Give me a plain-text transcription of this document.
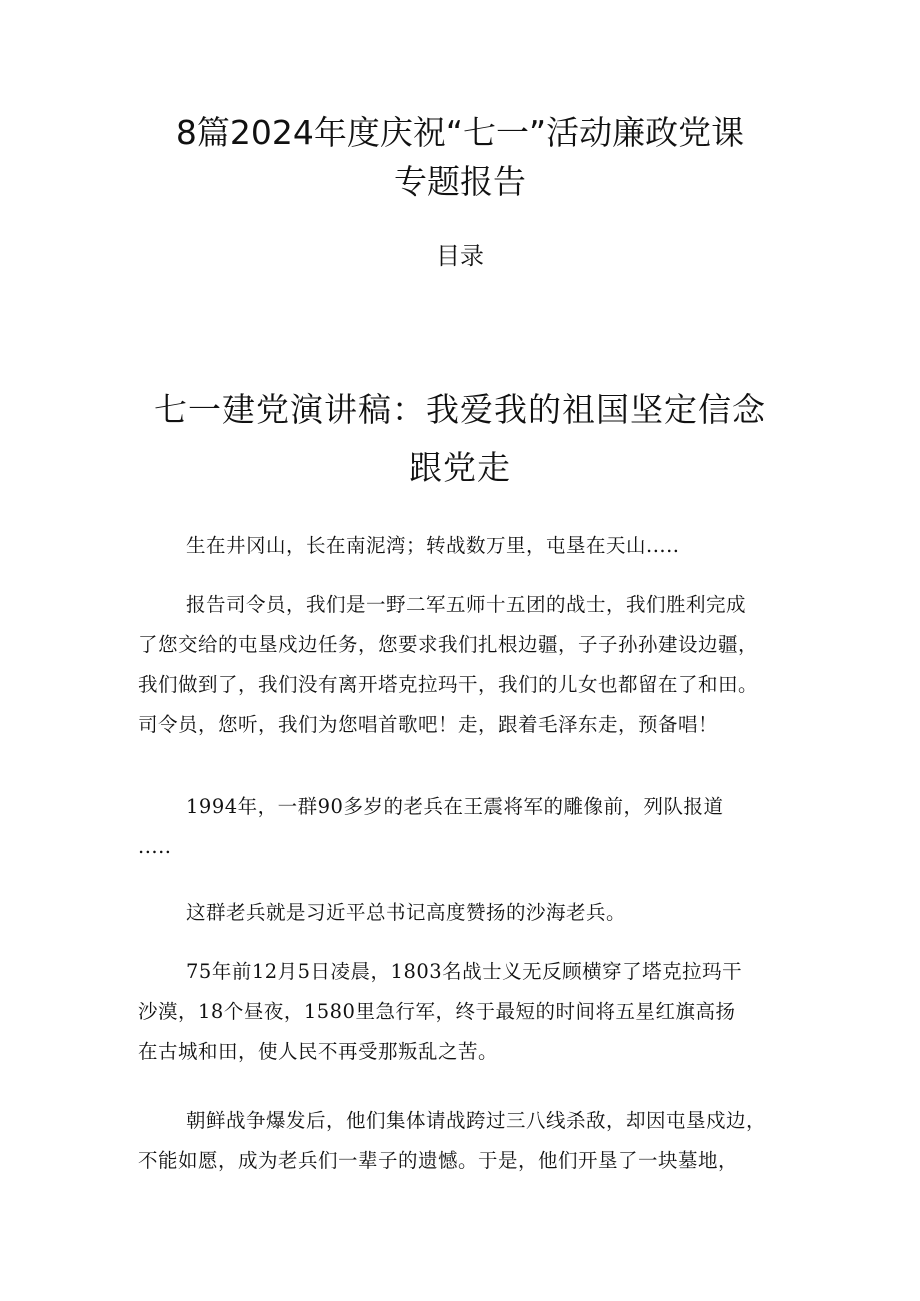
8篇2024年度庆祝“七一”活动廉政党课
专题报告
目录
七一建党演讲稿：我爱我的祖国坚定信念
跟党走
生在井冈山，长在南泥湾；转战数万里，屯垦在天山.....
报告司令员，我们是一野二军五师十五团的战士，我们胜利完成
了您交给的屯垦戍边任务，您要求我们扎根边疆，子子孙孙建设边疆，
我们做到了，我们没有离开塔克拉玛干，我们的儿女也都留在了和田。
司令员，您听，我们为您唱首歌吧！走，跟着毛泽东走，预备唱！
1994年，一群90多岁的老兵在王震将军的雕像前，列队报道
.....
这群老兵就是习近平总书记高度赞扬的沙海老兵。
75年前12月5日凌晨，1803名战士义无反顾横穿了塔克拉玛干
沙漠，18个昼夜，1580里急行军，终于最短的时间将五星红旗高扬
在古城和田，使人民不再受那叛乱之苦。
朝鲜战争爆发后，他们集体请战跨过三八线杀敌，却因屯垦戍边，
不能如愿，成为老兵们一辈子的遗憾。于是，他们开垦了一块墓地，
